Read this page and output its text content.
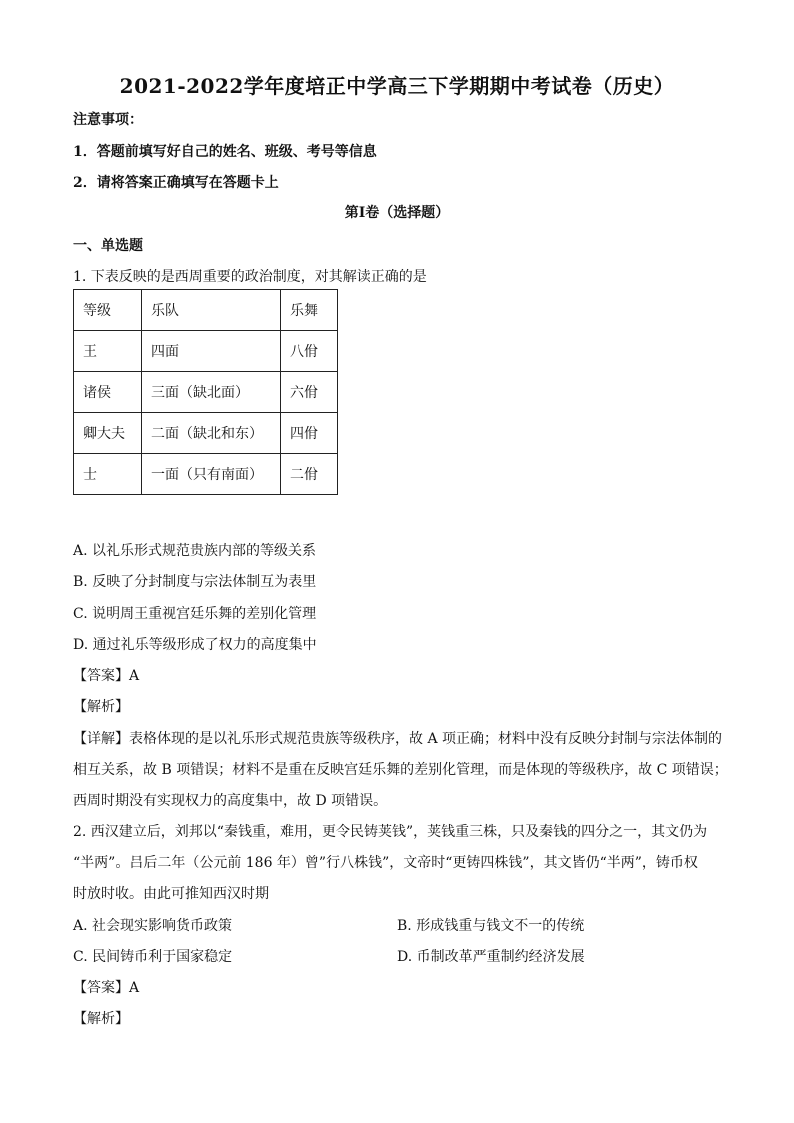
2021-2022学年度培正中学高三下学期期中考试卷（历史）
注意事项：
1．答题前填写好自己的姓名、班级、考号等信息
2．请将答案正确填写在答题卡上
第I卷（选择题）
一、单选题
1. 下表反映的是西周重要的政治制度，对其解读正确的是
等级	乐队	乐舞
王	四面	八佾
诸侯	三面（缺北面）	六佾
卿大夫	二面（缺北和东）	四佾
士	一面（只有南面）	二佾
A. 以礼乐形式规范贵族内部的等级关系
B. 反映了分封制度与宗法体制互为表里
C. 说明周王重视宫廷乐舞的差别化管理
D. 通过礼乐等级形成了权力的高度集中
【答案】A
【解析】
【详解】表格体现的是以礼乐形式规范贵族等级秩序，故 A 项正确；材料中没有反映分封制与宗法体制的
相互关系，故 B 项错误；材料不是重在反映宫廷乐舞的差别化管理，而是体现的等级秩序，故 C 项错误；
西周时期没有实现权力的高度集中，故 D 项错误。
2. 西汉建立后，刘邦以“秦钱重，难用，更令民铸荚钱”，荚钱重三株，只及秦钱的四分之一，其文仍为
“半两”。吕后二年（公元前 186 年）曾”行八株钱”，文帝时“更铸四株钱”，其文皆仍“半两”，铸币权
时放时收。由此可推知西汉时期
A. 社会现实影响货币政策	B. 形成钱重与钱文不一的传统
C. 民间铸币利于国家稳定	D. 币制改革严重制约经济发展
【答案】A
【解析】
